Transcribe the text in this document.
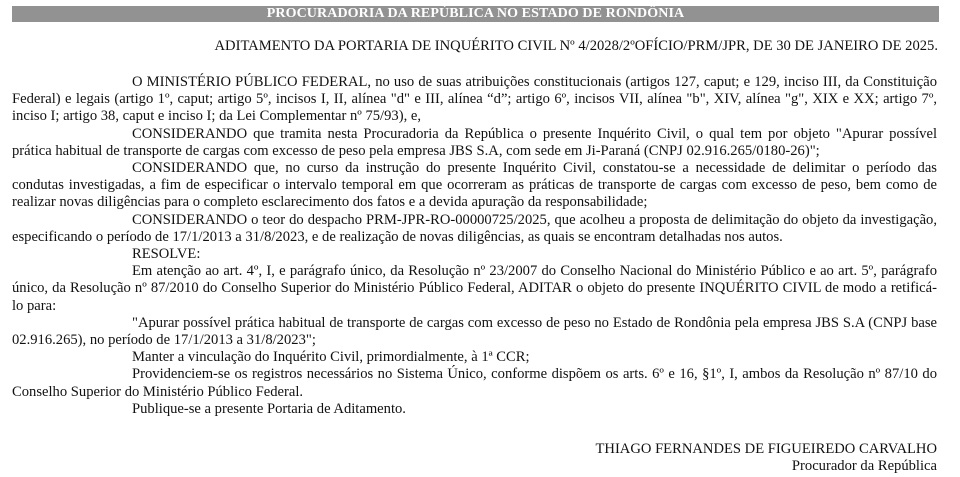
PROCURADORIA DA REPÚBLICA NO ESTADO DE RONDÔNIA
ADITAMENTO DA PORTARIA DE INQUÉRITO CIVIL Nº 4/2028/2ºOFÍCIO/PRM/JPR, DE 30 DE JANEIRO DE 2025.

O MINISTÉRIO PÚBLICO FEDERAL, no uso de suas atribuições constitucionais (artigos 127, caput; e 129, inciso III, da Constituição Federal) e legais (artigo 1º, caput; artigo 5º, incisos I, II, alínea "d" e III, alínea “d”; artigo 6º, incisos VII, alínea "b", XIV, alínea "g", XIX e XX; artigo 7º, inciso I; artigo 38, caput e inciso I; da Lei Complementar nº 75/93), e,

CONSIDERANDO que tramita nesta Procuradoria da República o presente Inquérito Civil, o qual tem por objeto "Apurar possível prática habitual de transporte de cargas com excesso de peso pela empresa JBS S.A, com sede em Ji-Paraná (CNPJ 02.916.265/0180-26)";

CONSIDERANDO que, no curso da instrução do presente Inquérito Civil, constatou-se a necessidade de delimitar o período das condutas investigadas, a fim de especificar o intervalo temporal em que ocorreram as práticas de transporte de cargas com excesso de peso, bem como de realizar novas diligências para o completo esclarecimento dos fatos e a devida apuração da responsabilidade;

CONSIDERANDO o teor do despacho PRM-JPR-RO-00000725/2025, que acolheu a proposta de delimitação do objeto da investigação, especificando o período de 17/1/2013 a 31/8/2023, e de realização de novas diligências, as quais se encontram detalhadas nos autos.

RESOLVE:

Em atenção ao art. 4º, I, e parágrafo único, da Resolução nº 23/2007 do Conselho Nacional do Ministério Público e ao art. 5º, parágrafo único, da Resolução nº 87/2010 do Conselho Superior do Ministério Público Federal, ADITAR o objeto do presente INQUÉRITO CIVIL de modo a retificá-lo para:

"Apurar possível prática habitual de transporte de cargas com excesso de peso no Estado de Rondônia pela empresa JBS S.A (CNPJ base 02.916.265), no período de 17/1/2013 a 31/8/2023";

Manter a vinculação do Inquérito Civil, primordialmente, à 1ª CCR;

Providenciem-se os registros necessários no Sistema Único, conforme dispõem os arts. 6º e 16, §1º, I, ambos da Resolução nº 87/10 do Conselho Superior do Ministério Público Federal.

Publique-se a presente Portaria de Aditamento.

THIAGO FERNANDES DE FIGUEIREDO CARVALHO
Procurador da República
